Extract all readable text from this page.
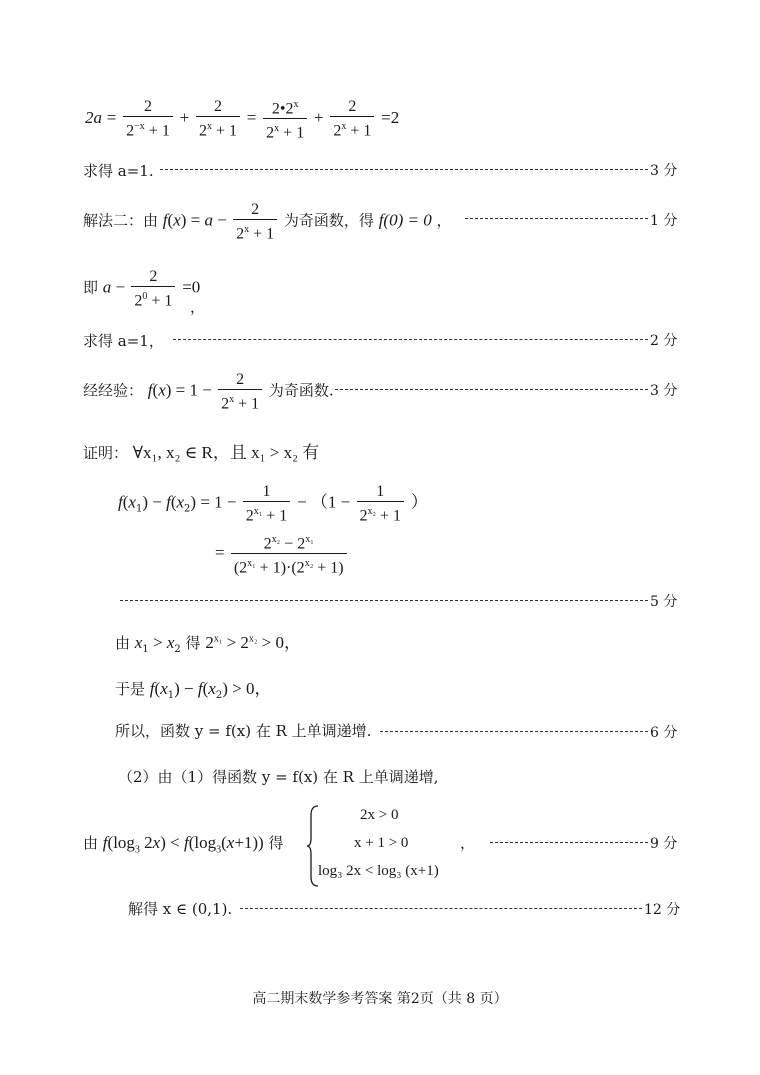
$2a = \frac{2}{2^{-x} + 1} + \frac{2}{2^x + 1} = \frac{2•2^x}{2^x + 1} + \frac{2}{2^x + 1} =2$
求得 a=1.	3 分
解法二：由 $f(x) = a - \frac{2}{2^x + 1}$ 为奇函数，得 f(0) = 0 ，	1 分
即 $a - \frac{2}{2^0 + 1} =0$
，
求得 a=1，	2 分
经经验： $f(x) = 1 - \frac{2}{2^x + 1}$ 为奇函数.	3 分
证明： ∀x₁, x₂ ∈ R，且 x₁ > x₂ 有
$f(x_1) - f(x_2) = 1 - \frac{1}{2^{x_1} + 1} - (1 - \frac{1}{2^{x_2} + 1}$ ）
= $\frac{2^{x_2} - 2^{x_1}}{(2^{x_1} + 1)\cdot(2^{x_2} + 1)}$
5 分
由 $x_1 > x_2$ 得 $2^{x_1} > 2^{x_2} > 0$，
于是 $f(x_1) - f(x_2) > 0$，
所以，函数 y = f(x) 在 R 上单调递增.	6 分
（2）由（1）得函数 y = f(x) 在 R 上单调递增,
由 $f(\log_3$ $2x) < f(\log_3(x+1))$ 得
2x > 0
x + 1 > 0
log₃ 2x < log₃ (x+1)
，	9 分
解得 x ∈ (0,1).	12 分
高二期末数学参考答案 第2页（共 8 页）
